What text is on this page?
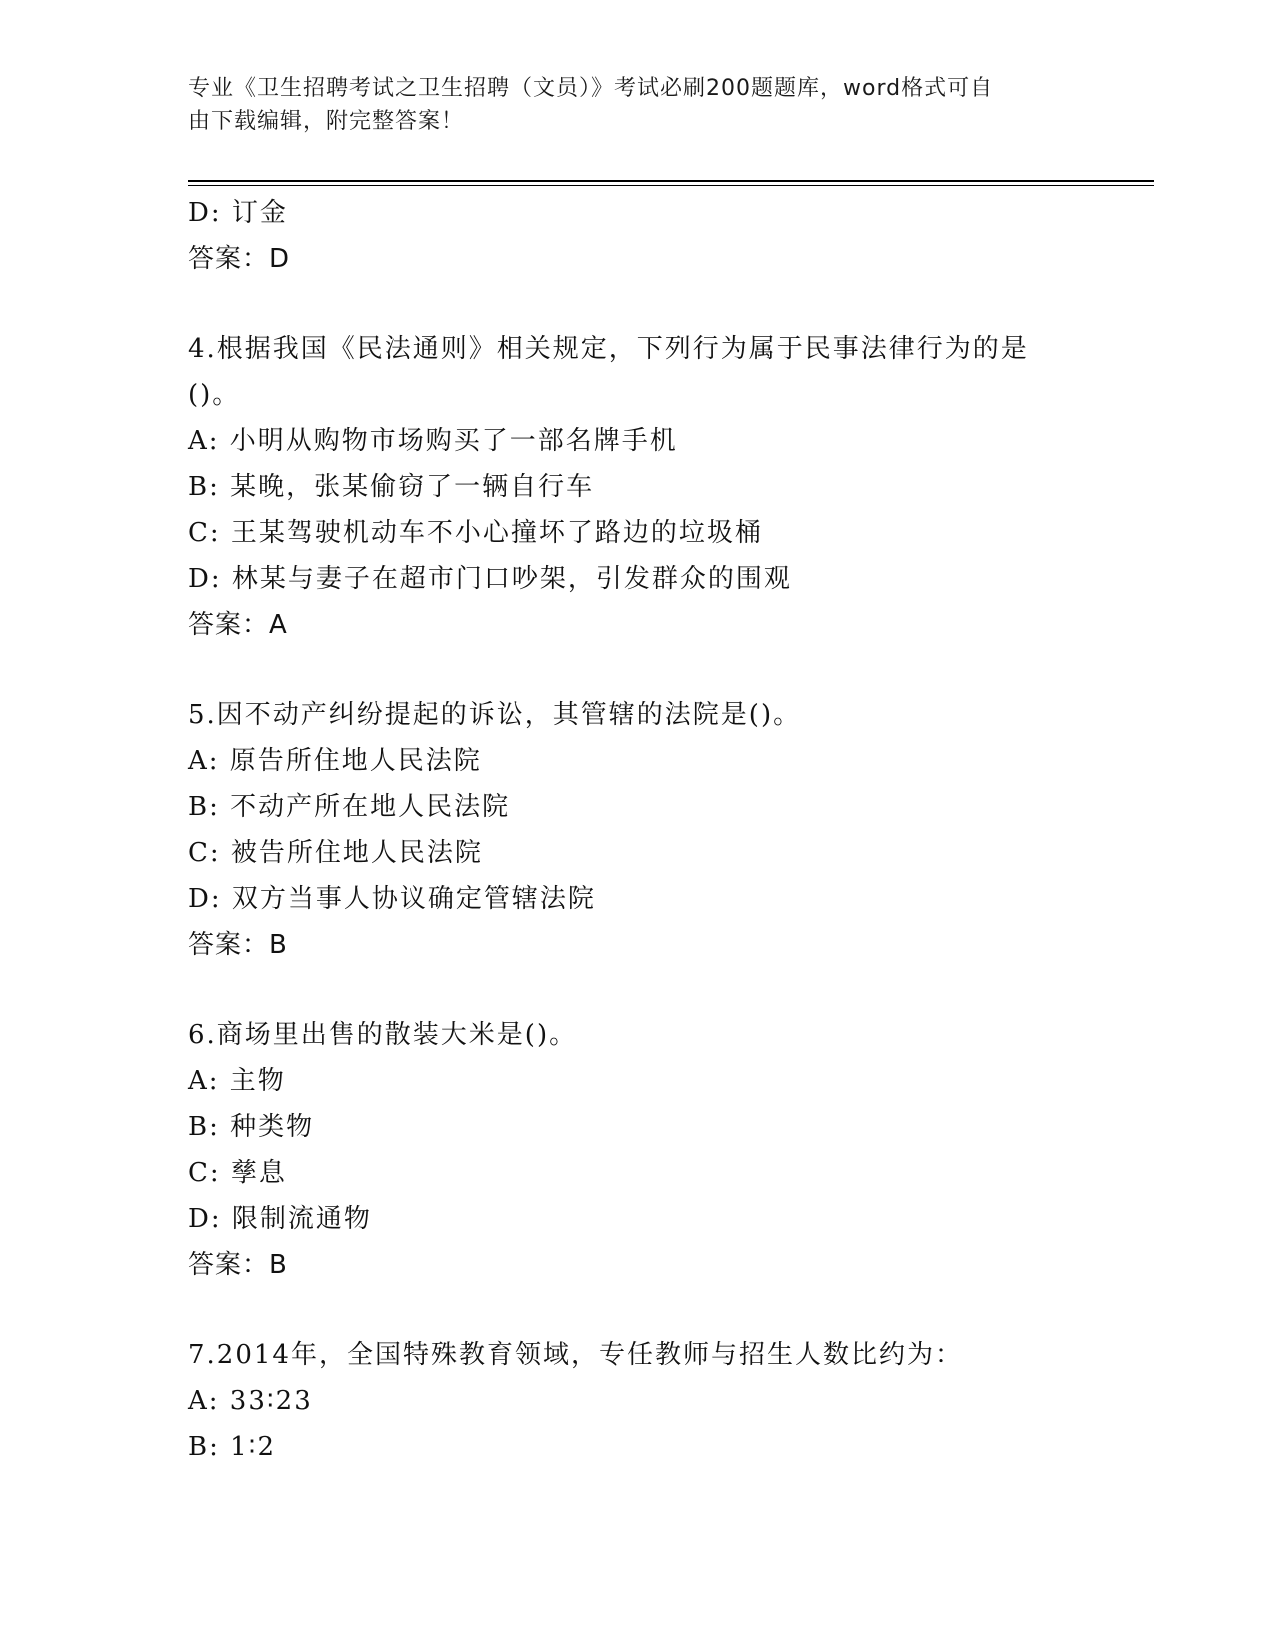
专业《卫生招聘考试之卫生招聘（文员）》考试必刷200题题库，word格式可自
由下载编辑，附完整答案！
D: 订金
答案：D
4.根据我国《民法通则》相关规定，下列行为属于民事法律行为的是
()。
A: 小明从购物市场购买了一部名牌手机
B: 某晚，张某偷窃了一辆自行车
C: 王某驾驶机动车不小心撞坏了路边的垃圾桶
D: 林某与妻子在超市门口吵架，引发群众的围观
答案：A
5.因不动产纠纷提起的诉讼，其管辖的法院是()。
A: 原告所住地人民法院
B: 不动产所在地人民法院
C: 被告所住地人民法院
D: 双方当事人协议确定管辖法院
答案：B
6.商场里出售的散装大米是()。
A: 主物
B: 种类物
C: 孳息
D: 限制流通物
答案：B
7.2014年，全国特殊教育领域，专任教师与招生人数比约为：
A: 33∶23
B: 1∶2
